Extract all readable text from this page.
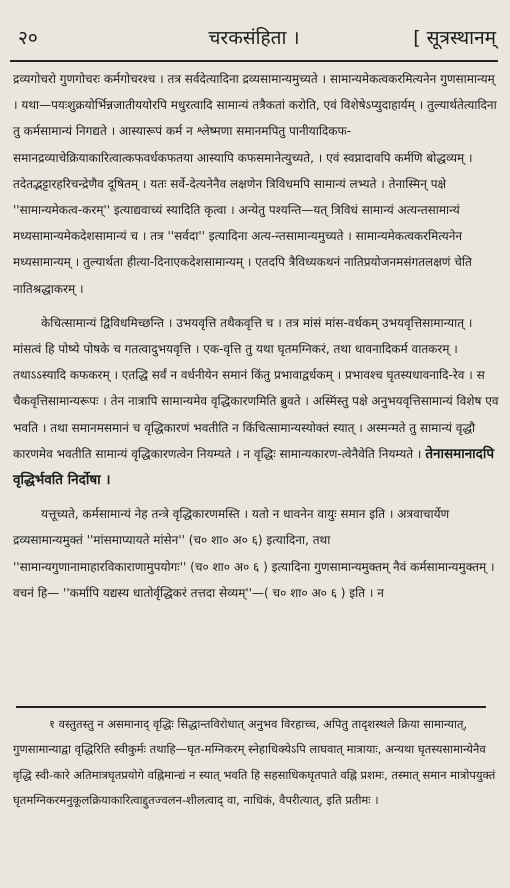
२०	चरकसंहिता ।	[ सूत्रस्थानम्

द्रव्यगोचरो गुणगोचरः कर्मगोचरश्च । तत्र सर्वदेत्यादिना द्रव्यसामान्यमुच्यते । सामान्यमेकत्वकरमित्यनेन गुणसामान्यम् । यथा—पयःशुक्रयोर्भिन्नजातीययोरपि मधुरत्वादि सामान्यं तत्रैकतां करोति, एवं विशेषेऽप्युदाहार्यम् । तुल्यार्थतेत्यादिना तु कर्मसामान्यं निगद्यते । आस्यारूपं कर्म न श्लेष्मणा समानमपितु पानीयादिकफ-समानद्रव्याचेक्रियाकारित्वात्कफवर्धकफतया आस्यापि कफसमानेत्युच्यते, । एवं स्वप्नादावपि कर्मणि बोद्धव्यम् । तदेतद्भट्टारहरिचन्द्रेणैव दूषितम् । यतः सर्वे-देत्यनेनैव लक्षणेन त्रिविधमपि सामान्यं लभ्यते । तेनास्मिन् पक्षे ''सामान्यमेकत्व-करम्'' इत्याद्यवाच्यं स्यादिति कृत्वा । अन्येतु पश्यन्ति—यत् त्रिविधं सामान्यं अत्यन्तसामान्यं मध्यसामान्यमेकदेशसामान्यं च । तत्र ''सर्वदा'' इत्यादिना अत्य-न्तसामान्यमुच्यते । सामान्यमेकत्वकरमित्यनेन मध्यसामान्यम् । तुल्यार्थता हीत्या-दिनाएकदेशसामान्यम् । एतदपि त्रैविध्यकथनं नातिप्रयोजनमसंगतलक्षणं चेति नातिश्रद्धाकरम् ।

केचित्सामान्यं द्विविधमिच्छन्ति । उभयवृत्ति तथैकवृत्ति च । तत्र मांसं मांस-वर्धकम् उभयवृत्तिसामान्यात् । मांसत्वं हि पोष्ये पोषके च गतत्वादुभयवृत्ति । एक-वृत्ति तु यथा घृतमग्निकरं, तथा धावनादिकर्म वातकरम् । तथाऽऽस्यादि कफकरम् । एतद्धि सर्वं न वर्धनीयेन समानं किंतु प्रभावाद्वर्धकम् । प्रभावश्च घृतस्यधावनादि-रेव । स चैकवृत्तिसामान्यरूपः । तेन नात्रापि सामान्यमेव वृद्धिकारणमिति ब्रुवते । अस्मिंस्तु पक्षे अनुभयवृत्तिसामान्यं विशेष एव भवति । तथा समानमसमानं च वृद्धिकारणं भवतीति न किंचित्सामान्यस्योक्तं स्यात् । अस्मन्मते तु सामान्यं वृद्धौ कारणमेव भवतीति सामान्यं वृद्धिकारणत्वेन नियम्यते । न वृद्धिः सामान्यकारण-त्वेनैवेति नियम्यते । तेनासमानादपि वृद्धिर्भवति निर्दोषा ।

यत्तूच्यते, कर्मसामान्यं नेह तन्त्रे वृद्धिकारणमस्ति । यतो न धावनेन वायुः समान इति । अत्रवाचार्येण द्रव्यसामान्यमुक्तं ''मांसमाप्यायते मांसेन'' (च० शा० अ० ६) इत्यादिना, तथा ''सामान्यगुणानामाहारविकाराणामुपयोगः'' (च० शा० अ० ६ ) इत्यादिना गुणसामान्यमुक्तम् नैवं कर्मसामान्यमुक्तम् । वचनं हि— ''कर्मापि यद्यस्य धातोर्वृद्धिकरं तत्तदा सेव्यम्''—( च० शा० अ० ६ ) इति । न

१ वस्तुतस्तु न असमानाद् वृद्धिः सिद्धान्तविरोधात् अनुभव विरहाच्च, अपितु तादृशस्थले क्रिया सामान्यात्, गुणसामान्याद्वा वृद्धिरिति स्वीकुर्मः तथाहि—घृत-मग्निकरम् स्नेहाधिक्येऽपि लाघवात् मात्रायाः, अन्यथा घृतस्यसामान्येनैव वृद्धि स्वी-कारे अतिमात्रघृतप्रयोगे वह्निमान्द्यं न स्यात् भवति हि सहसाधिकघृतपाते वह्नि प्रशमः, तस्मात् समान मात्रोपयुक्तं घृतमग्निकरमनुकूलक्रियाकारित्वाद्दुतज्वलन-शीलत्वाद् वा, नाधिकं, वैपरीत्यात्, इति प्रतीमः ।
